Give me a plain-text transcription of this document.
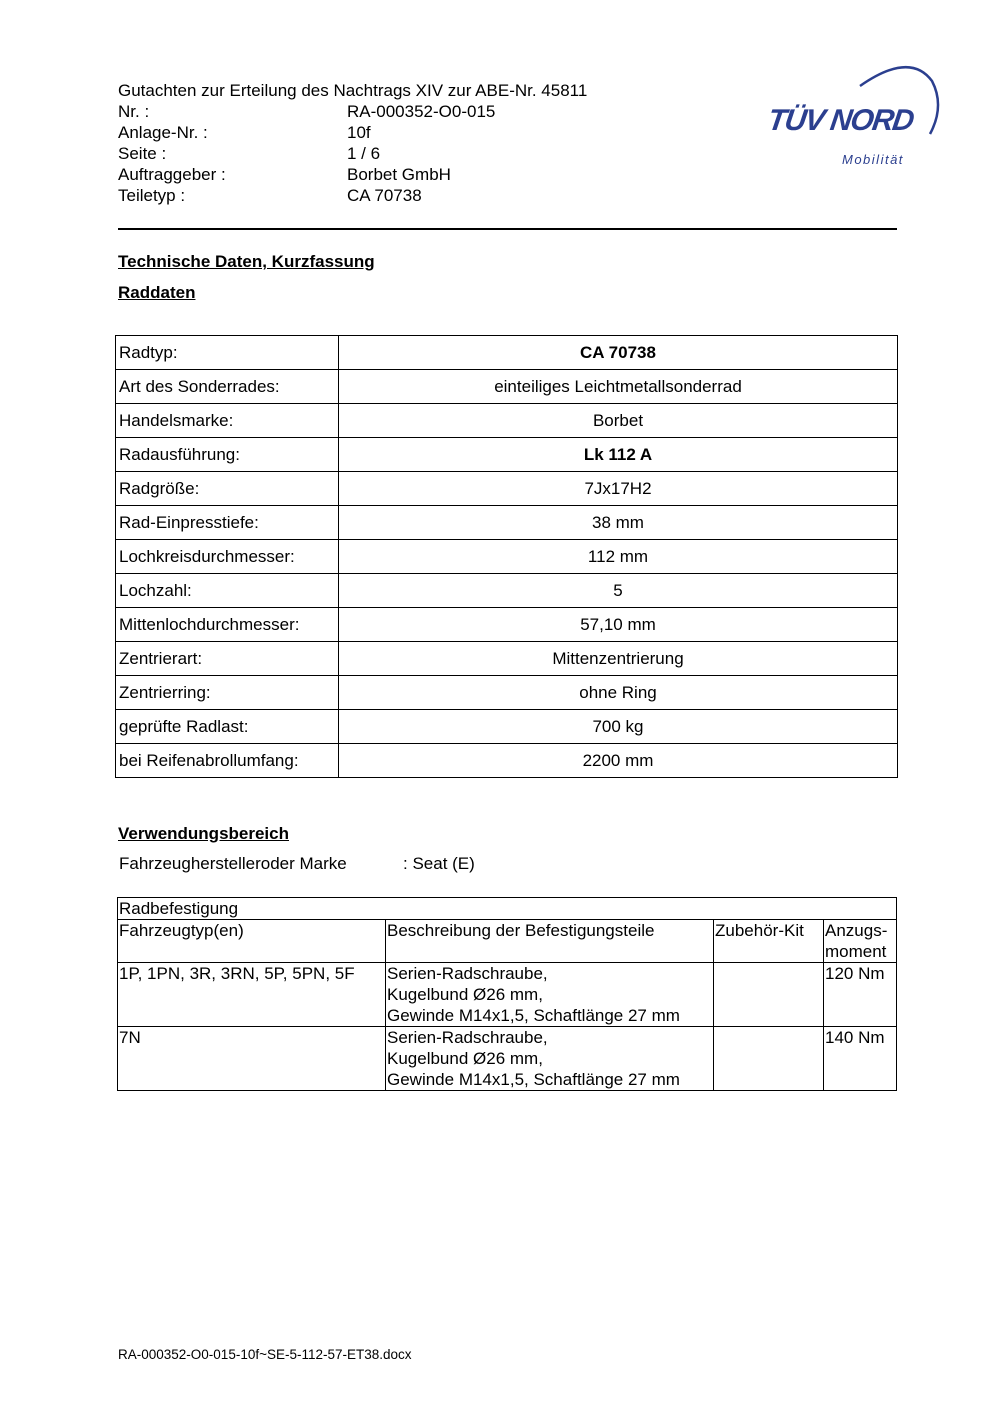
Gutachten zur Erteilung des Nachtrags XIV zur ABE-Nr. 45811
Nr. :	RA-000352-O0-015
Anlage-Nr. :	10f
Seite :	1 / 6
Auftraggeber :	Borbet GmbH
Teiletyp :	CA 70738
TÜV NORD
Mobilität
Technische Daten, Kurzfassung
Raddaten
Radtyp:	CA 70738
Art des Sonderrades:	einteiliges Leichtmetallsonderrad
Handelsmarke:	Borbet
Radausführung:	Lk 112 A
Radgröße:	7Jx17H2
Rad-Einpresstiefe:	38 mm
Lochkreisdurchmesser:	112 mm
Lochzahl:	5
Mittenlochdurchmesser:	57,10 mm
Zentrierart:	Mittenzentrierung
Zentrierring:	ohne Ring
geprüfte Radlast:	700 kg
bei Reifenabrollumfang:	2200 mm
Verwendungsbereich
Fahrzeugherstelleroder Marke	: Seat (E)
Radbefestigung			
Fahrzeugtyp(en)	Beschreibung der Befestigungsteile	Zubehör-Kit	Anzugs-
moment

1P, 1PN, 3R, 3RN, 5P, 5PN, 5F	Serien-Radschraube,
Kugelbund Ø26 mm,
Gewinde M14x1,5, Schaftlänge 27 mm		120 Nm
7N	Serien-Radschraube,
Kugelbund Ø26 mm,
Gewinde M14x1,5, Schaftlänge 27 mm		140 Nm
RA-000352-O0-015-10f~SE-5-112-57-ET38.docx
